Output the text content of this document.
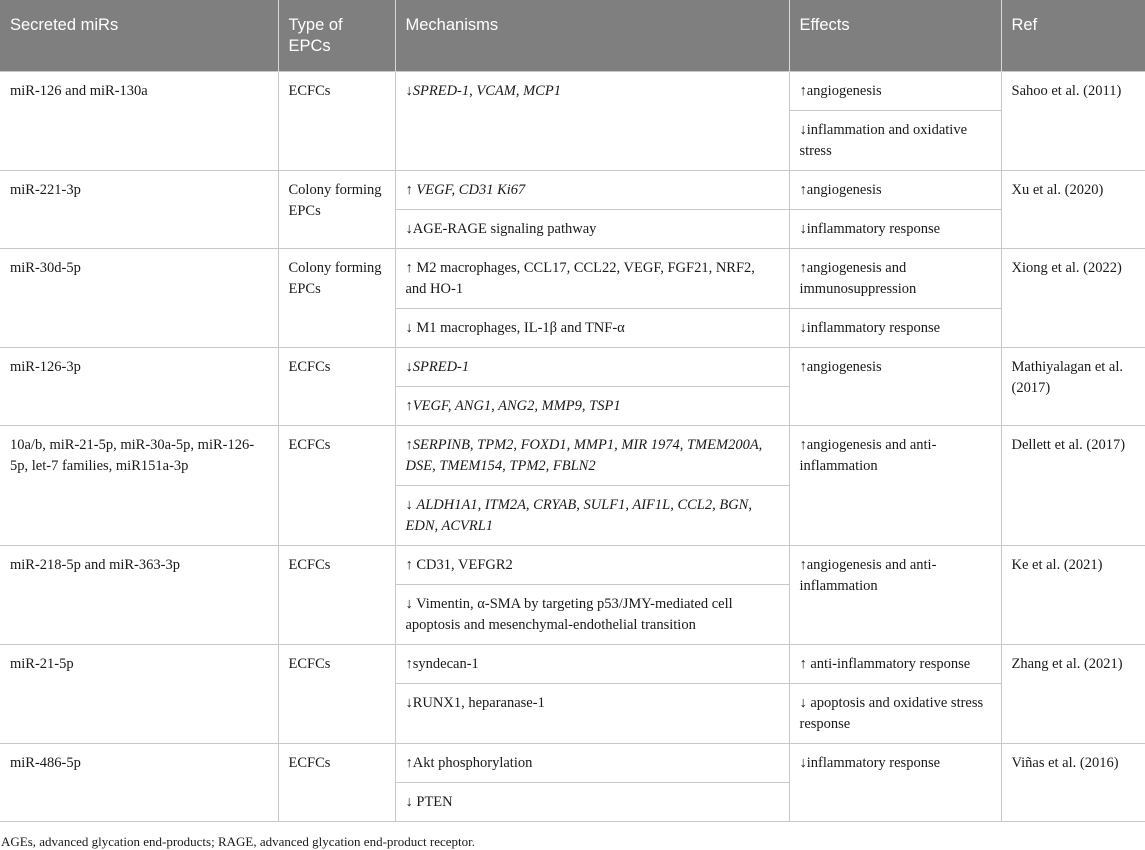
Secreted miRs	Type of EPCs	Mechanisms	Effects	Ref
miR-126 and miR-130a	ECFCs	↓SPRED-1, VCAM, MCP1	↑angiogenesis	Sahoo et al. (2011)
			↓inflammation and oxidative stress	
miR-221-3p	Colony forming EPCs	↑ VEGF, CD31 Ki67	↑angiogenesis	Xu et al. (2020)
		↓AGE-RAGE signaling pathway	↓inflammatory response	
miR-30d-5p	Colony forming EPCs	↑ M2 macrophages, CCL17, CCL22, VEGF, FGF21, NRF2, and HO-1	↑angiogenesis and immunosuppression	Xiong et al. (2022)
		↓ M1 macrophages, IL-1β and TNF-α	↓inflammatory response	
miR-126-3p	ECFCs	↓SPRED-1	↑angiogenesis	Mathiyalagan et al. (2017)
		↑VEGF, ANG1, ANG2, MMP9, TSP1		
10a/b, miR-21-5p, miR-30a-5p, miR-126-5p, let-7 families, miR151a-3p	ECFCs	↑SERPINB, TPM2, FOXD1, MMP1, MIR 1974, TMEM200A, DSE, TMEM154, TPM2, FBLN2	↑angiogenesis and anti-inflammation	Dellett et al. (2017)
		↓ ALDH1A1, ITM2A, CRYAB, SULF1, AIF1L, CCL2, BGN, EDN, ACVRL1		
miR-218-5p and miR-363-3p	ECFCs	↑ CD31, VEFGR2	↑angiogenesis and anti-inflammation	Ke et al. (2021)
		↓ Vimentin, α-SMA by targeting p53/JMY-mediated cell apoptosis and mesenchymal-endothelial transition		
miR-21-5p	ECFCs	↑syndecan-1	↑ anti-inflammatory response	Zhang et al. (2021)
		↓RUNX1, heparanase-1	↓ apoptosis and oxidative stress response	
miR-486-5p	ECFCs	↑Akt phosphorylation	↓inflammatory response	Viñas et al. (2016)
		↓ PTEN		
AGEs, advanced glycation end-products; RAGE, advanced glycation end-product receptor.
